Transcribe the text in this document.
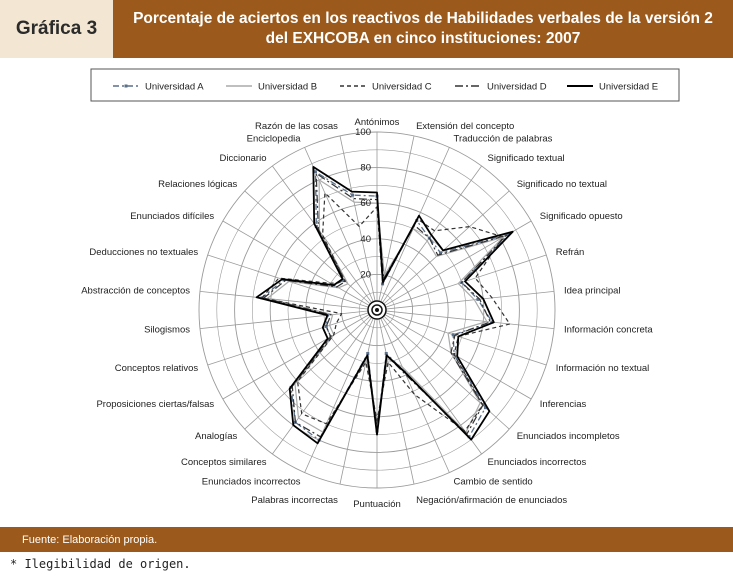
Gráfica 3	Porcentaje de aciertos en los reactivos de Habilidades verbales de la versión 2 del EXHCOBA en cinco instituciones: 2007
Universidad A	Universidad B	Universidad C	Universidad D	Universidad E
Antónimos Extensión del concepto
Traducción de palabras
Significado textual
Significado no textual
Significado opuesto
Refrán
Idea principal
Información concreta
Información no textual
Inferencias
Enunciados incompletos
Enunciados incorrectos
Cambio de sentido
Negación/afirmación de enunciados
Puntuación
Palabras incorrectas
Enunciados incorrectos
Conceptos similares
Analogías
Proposiciones ciertas/falsas
Conceptos relativos
Silogismos
Abstracción de conceptos
Deducciones no textuales
Enunciados difíciles
Relaciones lógicas
Diccionario
Enciclopedia
Razón de las cosas
20
40
60
80
100
Fuente: Elaboración propia.
* Ilegibilidad de origen.
